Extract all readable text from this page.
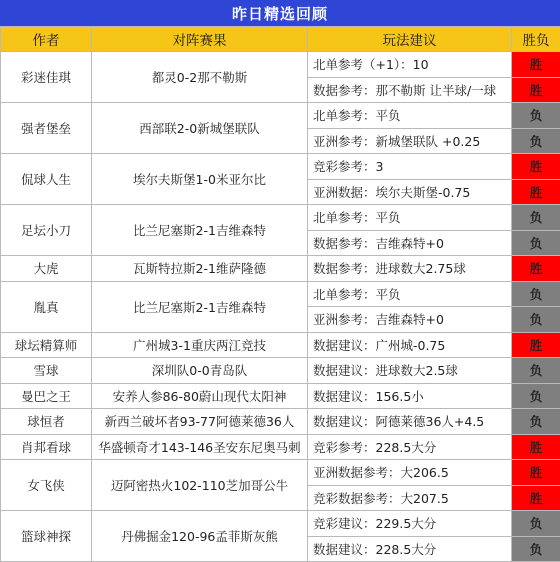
昨日精选回顾
作者	对阵赛果	玩法建议	胜负
彩迷佳琪	都灵0-2那不勒斯	北单参考（+1）：10	胜
		数据参考：那不勒斯 让半球/一球	胜
强者堡垒	西部联2-0新城堡联队	北单参考：平负	负
		亚洲参考：新城堡联队 +0.25	负
侃球人生	埃尔夫斯堡1-0米亚尔比	竞彩参考：3	胜
		亚洲数据：埃尔夫斯堡-0.75	胜
足坛小刀	比兰尼塞斯2-1吉维森特	北单参考：平负	负
		数据参考：吉维森特+0	负
大虎	瓦斯特拉斯2-1维萨隆德	数据参考：进球数大2.75球	胜
胤真	比兰尼塞斯2-1吉维森特	北单参考：平负	负
		亚洲参考：吉维森特+0	负
球坛精算师	广州城3-1重庆两江竞技	数据建议：广州城-0.75	胜
雪球	深圳队0-0青岛队	数据建议：进球数大2.5球	负
曼巴之王	安养人参86-80蔚山现代太阳神	数据建议：156.5小	负
球恒者	新西兰破坏者93-77阿德莱德36人	数据建议：阿德莱德36人+4.5	负
肖邦看球	华盛顿奇才143-146圣安东尼奥马刺	竞彩参考：228.5大分	胜
女飞侠	迈阿密热火102-110芝加哥公牛	亚洲数据参考：大206.5	胜
		竞彩数据参考：大207.5	胜
篮球神探	丹佛掘金120-96孟菲斯灰熊	竞彩建议：229.5大分	负
		数据建议：228.5大分	负
